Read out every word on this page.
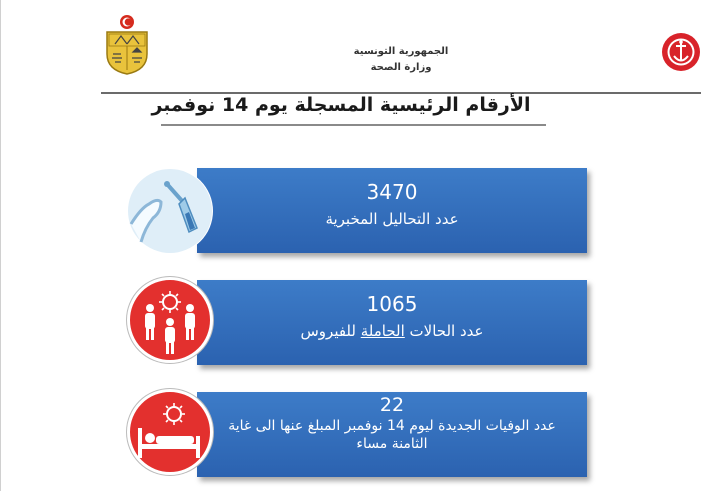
الجمهورية التونسية
وزارة الصحة
الأرقام الرئيسية المسجلة يوم 14 نوفمبر
3470
عدد التحاليل المخبرية
1065
عدد الحالات الحاملة للفيروس
22
عدد الوفيات الجديدة ليوم 14 نوفمبر المبلغ عنها الى غاية الثامنة مساء
